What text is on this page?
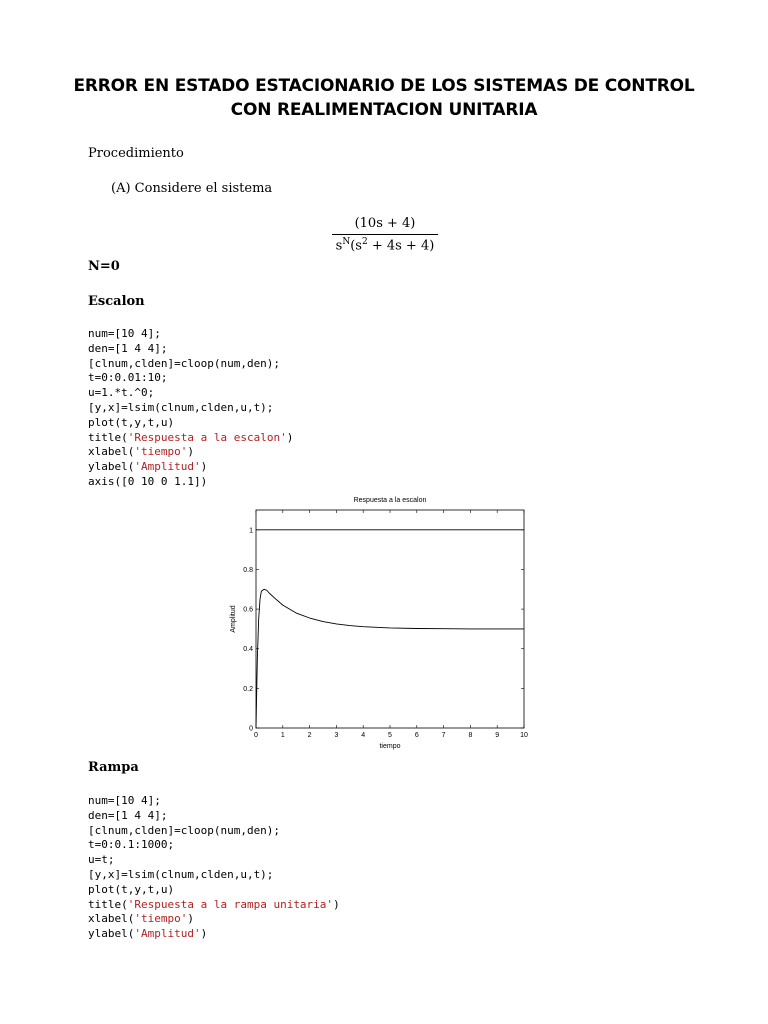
ERROR EN ESTADO ESTACIONARIO DE LOS SISTEMAS DE CONTROL
CON REALIMENTACION UNITARIA
Procedimiento
(A) Considere el sistema
(10s + 4)
$s^N(s^2 + 4s + 4)$
N=0
Escalon
num=[10 4];
den=[1 4 4];
[clnum,clden]=cloop(num,den);
t=0:0.01:10;
u=1.*t.^0;
[y,x]=lsim(clnum,clden,u,t);
plot(t,y,t,u)
title('Respuesta a la escalon')
xlabel('tiempo')
ylabel('Amplitud')
axis([0 10 0 1.1])
Respuesta a la escalon
0	1	2	3	4	5	6	7	8	9	10
0
0.2
0.4
0.6
0.8
1
tiempo
Amplitud
Rampa
num=[10 4];
den=[1 4 4];
[clnum,clden]=cloop(num,den);
t=0:0.1:1000;
u=t;
[y,x]=lsim(clnum,clden,u,t);
plot(t,y,t,u)
title('Respuesta a la rampa unitaria')
xlabel('tiempo')
ylabel('Amplitud')
